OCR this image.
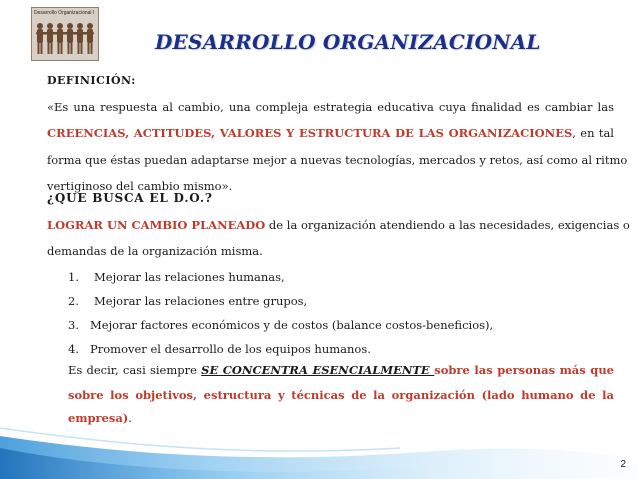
Desarrollo Organizacional I
DESARROLLO ORGANIZACIONAL
DEFINICIÓN:
«Es una respuesta al cambio, una compleja estrategia educativa cuya finalidad es cambiar las
CREENCIAS, ACTITUDES, VALORES Y ESTRUCTURA DE LAS ORGANIZACIONES, en tal
forma que éstas puedan adaptarse mejor a nuevas tecnologías, mercados y retos, así como al ritmo
vertiginoso del cambio mismo».
¿QUE BUSCA EL D.O.?
LOGRAR UN CAMBIO PLANEADO de la organización atendiendo a las necesidades, exigencias o
demandas de la organización misma.
1. Mejorar las relaciones humanas,
2. Mejorar las relaciones entre grupos,
3. Mejorar factores económicos y de costos (balance costos-beneficios),
4. Promover el desarrollo de los equipos humanos.
Es decir, casi siempre SE CONCENTRA ESENCIALMENTE sobre las personas más que
sobre los objetivos, estructura y técnicas de la organización (lado humano de la
empresa).
2
